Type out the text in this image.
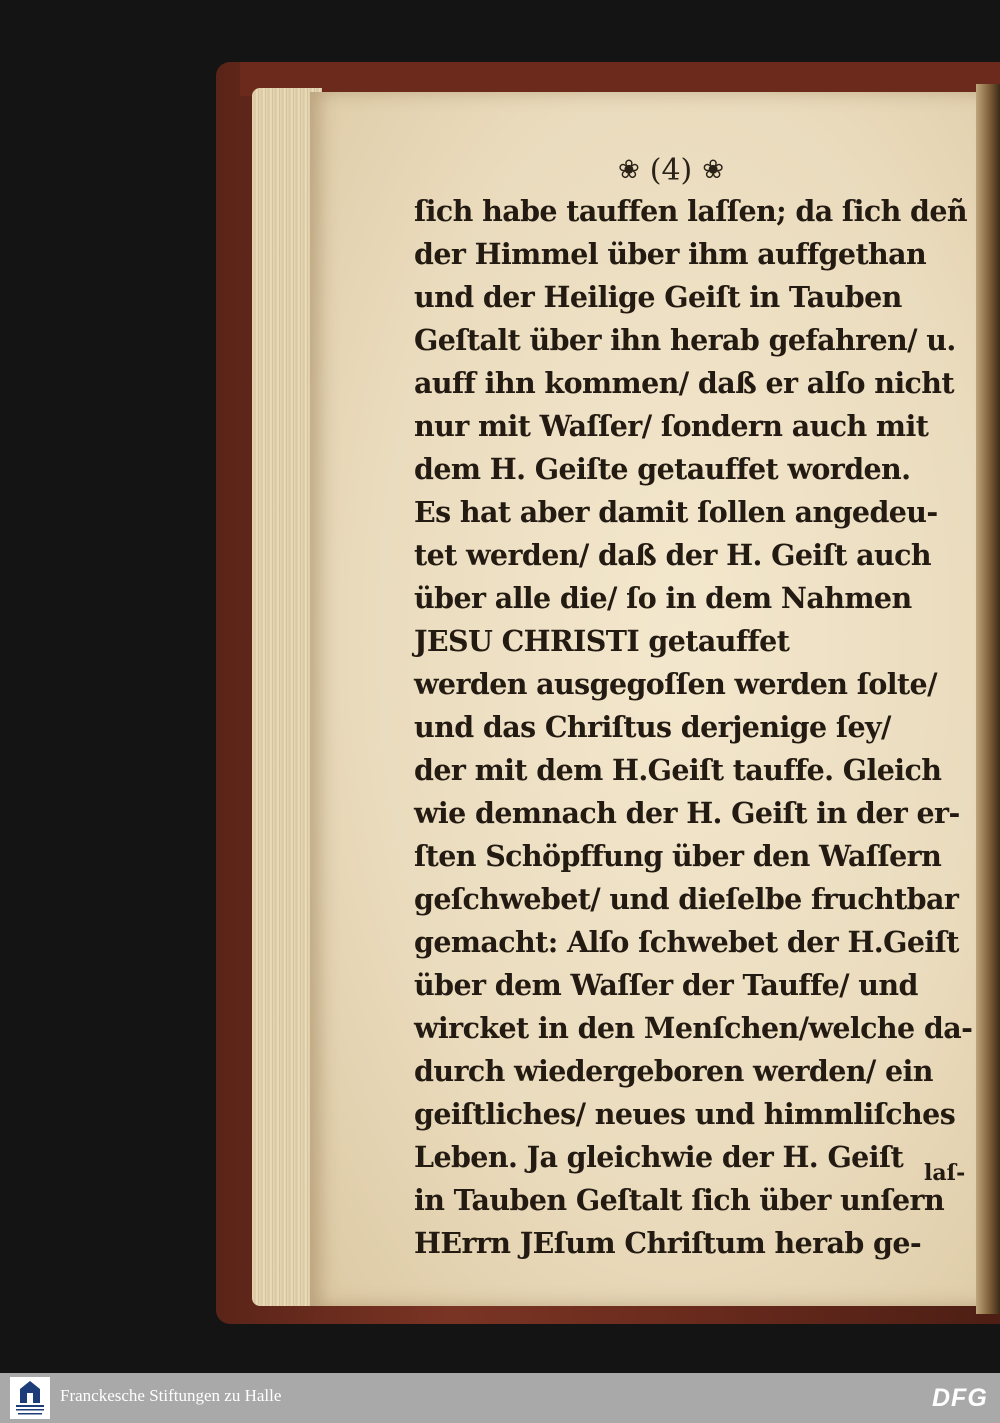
❀ (4) ❀
ſich habe tauffen laſſen; da ſich deñ
der Himmel über ihm auffgethan
und der Heilige Geiſt in Tauben
Geſtalt über ihn herab gefahren/ u.
auff ihn kommen/ daß er alſo nicht
nur mit Waſſer/ ſondern auch mit
dem H. Geiſte getauffet worden.
Es hat aber damit ſollen angedeu-
tet werden/ daß der H. Geiſt auch
über alle die/ ſo in dem Nahmen
JESU CHRISTI getauffet
werden ausgegoſſen werden ſolte/
und das Chriſtus derjenige ſey/
der mit dem H.Geiſt tauffe. Gleich
wie demnach der H. Geiſt in der er-
ſten Schöpffung über den Waſſern
geſchwebet/ und dieſelbe fruchtbar
gemacht: Alſo ſchwebet der H.Geiſt
über dem Waſſer der Tauffe/ und
wircket in den Menſchen/welche da-
durch wiedergeboren werden/ ein
geiſtliches/ neues und himmliſches
Leben. Ja gleichwie der H. Geiſt
in Tauben Geſtalt ſich über unſern
HErrn JEſum Chriſtum herab ge-
laſ-
Franckesche Stiftungen zu Halle	DFG
